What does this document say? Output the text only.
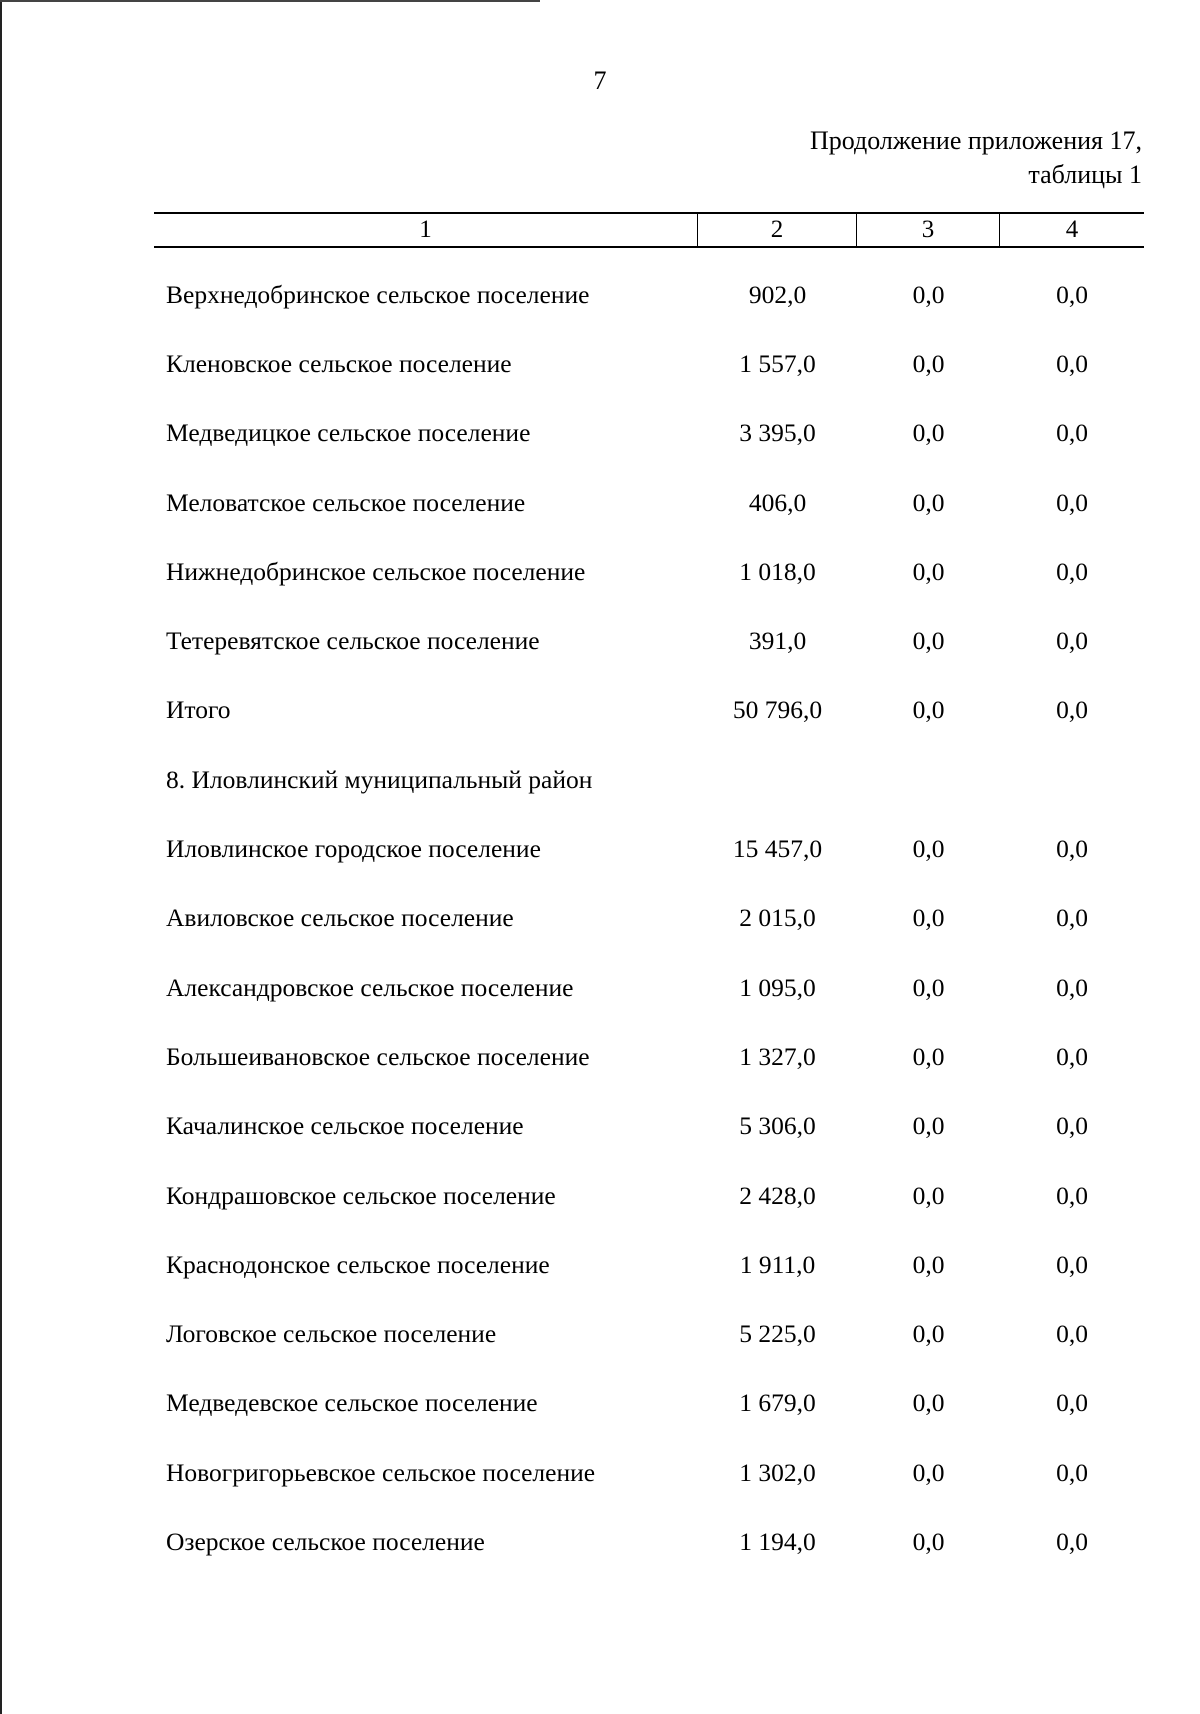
7
Продолжение приложения 17,
таблицы 1
1	2	3	4
Верхнедобринское сельское поселение	902,0	0,0	0,0
Кленовское сельское поселение	1 557,0	0,0	0,0
Медведицкое сельское поселение	3 395,0	0,0	0,0
Меловатское сельское поселение	406,0	0,0	0,0
Нижнедобринское сельское поселение	1 018,0	0,0	0,0
Тетеревятское сельское поселение	391,0	0,0	0,0
Итого	50 796,0	0,0	0,0
8. Иловлинский муниципальный район
Иловлинское городское поселение	15 457,0	0,0	0,0
Авиловское сельское поселение	2 015,0	0,0	0,0
Александровское сельское поселение	1 095,0	0,0	0,0
Большеивановское сельское поселение	1 327,0	0,0	0,0
Качалинское сельское поселение	5 306,0	0,0	0,0
Кондрашовское сельское поселение	2 428,0	0,0	0,0
Краснодонское сельское поселение	1 911,0	0,0	0,0
Логовское сельское поселение	5 225,0	0,0	0,0
Медведевское сельское поселение	1 679,0	0,0	0,0
Новогригорьевское сельское поселение	1 302,0	0,0	0,0
Озерское сельское поселение	1 194,0	0,0	0,0
